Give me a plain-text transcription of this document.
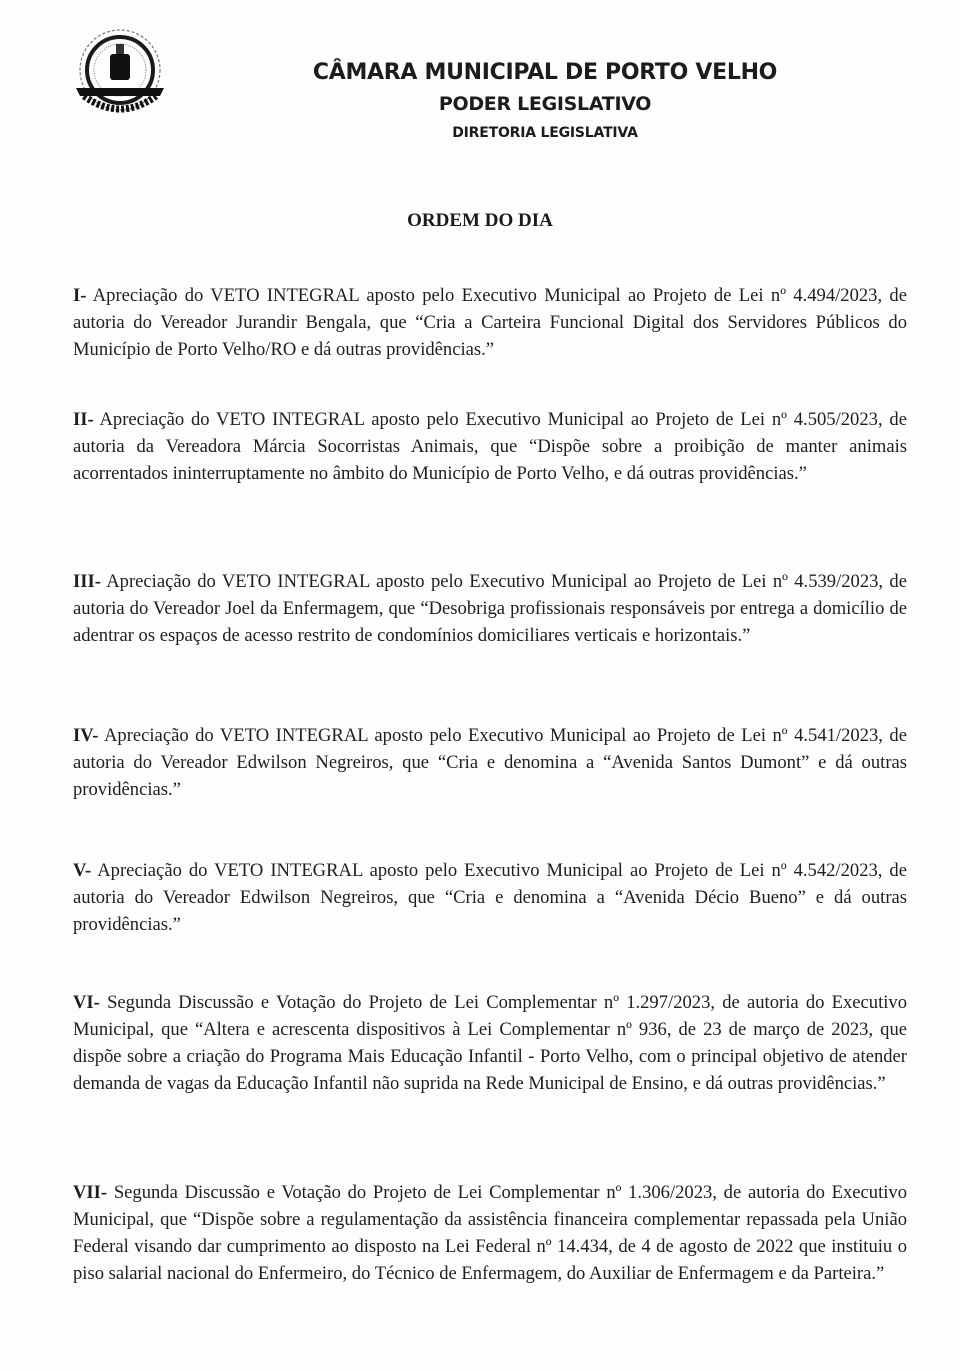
CÂMARA MUNICIPAL DE PORTO VELHO
PODER LEGISLATIVO
DIRETORIA LEGISLATIVA
ORDEM DO DIA
I- Apreciação do VETO INTEGRAL aposto pelo Executivo Municipal ao Projeto de Lei nº 4.494/2023, de autoria do Vereador Jurandir Bengala, que “Cria a Carteira Funcional Digital dos Servidores Públicos do Município de Porto Velho/RO e dá outras providências.”
II- Apreciação do VETO INTEGRAL aposto pelo Executivo Municipal ao Projeto de Lei nº 4.505/2023, de autoria da Vereadora Márcia Socorristas Animais, que “Dispõe sobre a proibição de manter animais acorrentados ininterruptamente no âmbito do Município de Porto Velho, e dá outras providências.”
III- Apreciação do VETO INTEGRAL aposto pelo Executivo Municipal ao Projeto de Lei nº 4.539/2023, de autoria do Vereador Joel da Enfermagem, que “Desobriga profissionais responsáveis por entrega a domicílio de adentrar os espaços de acesso restrito de condomínios domiciliares verticais e horizontais.”
IV- Apreciação do VETO INTEGRAL aposto pelo Executivo Municipal ao Projeto de Lei nº 4.541/2023, de autoria do Vereador Edwilson Negreiros, que “Cria e denomina a “Avenida Santos Dumont” e dá outras providências.”
V- Apreciação do VETO INTEGRAL aposto pelo Executivo Municipal ao Projeto de Lei nº 4.542/2023, de autoria do Vereador Edwilson Negreiros, que “Cria e denomina a “Avenida Décio Bueno” e dá outras providências.”
VI- Segunda Discussão e Votação do Projeto de Lei Complementar nº 1.297/2023, de autoria do Executivo Municipal, que “Altera e acrescenta dispositivos à Lei Complementar nº 936, de 23 de março de 2023, que dispõe sobre a criação do Programa Mais Educação Infantil - Porto Velho, com o principal objetivo de atender demanda de vagas da Educação Infantil não suprida na Rede Municipal de Ensino, e dá outras providências.”
VII- Segunda Discussão e Votação do Projeto de Lei Complementar nº 1.306/2023, de autoria do Executivo Municipal, que “Dispõe sobre a regulamentação da assistência financeira complementar repassada pela União Federal visando dar cumprimento ao disposto na Lei Federal nº 14.434, de 4 de agosto de 2022 que instituiu o piso salarial nacional do Enfermeiro, do Técnico de Enfermagem, do Auxiliar de Enfermagem e da Parteira.”
